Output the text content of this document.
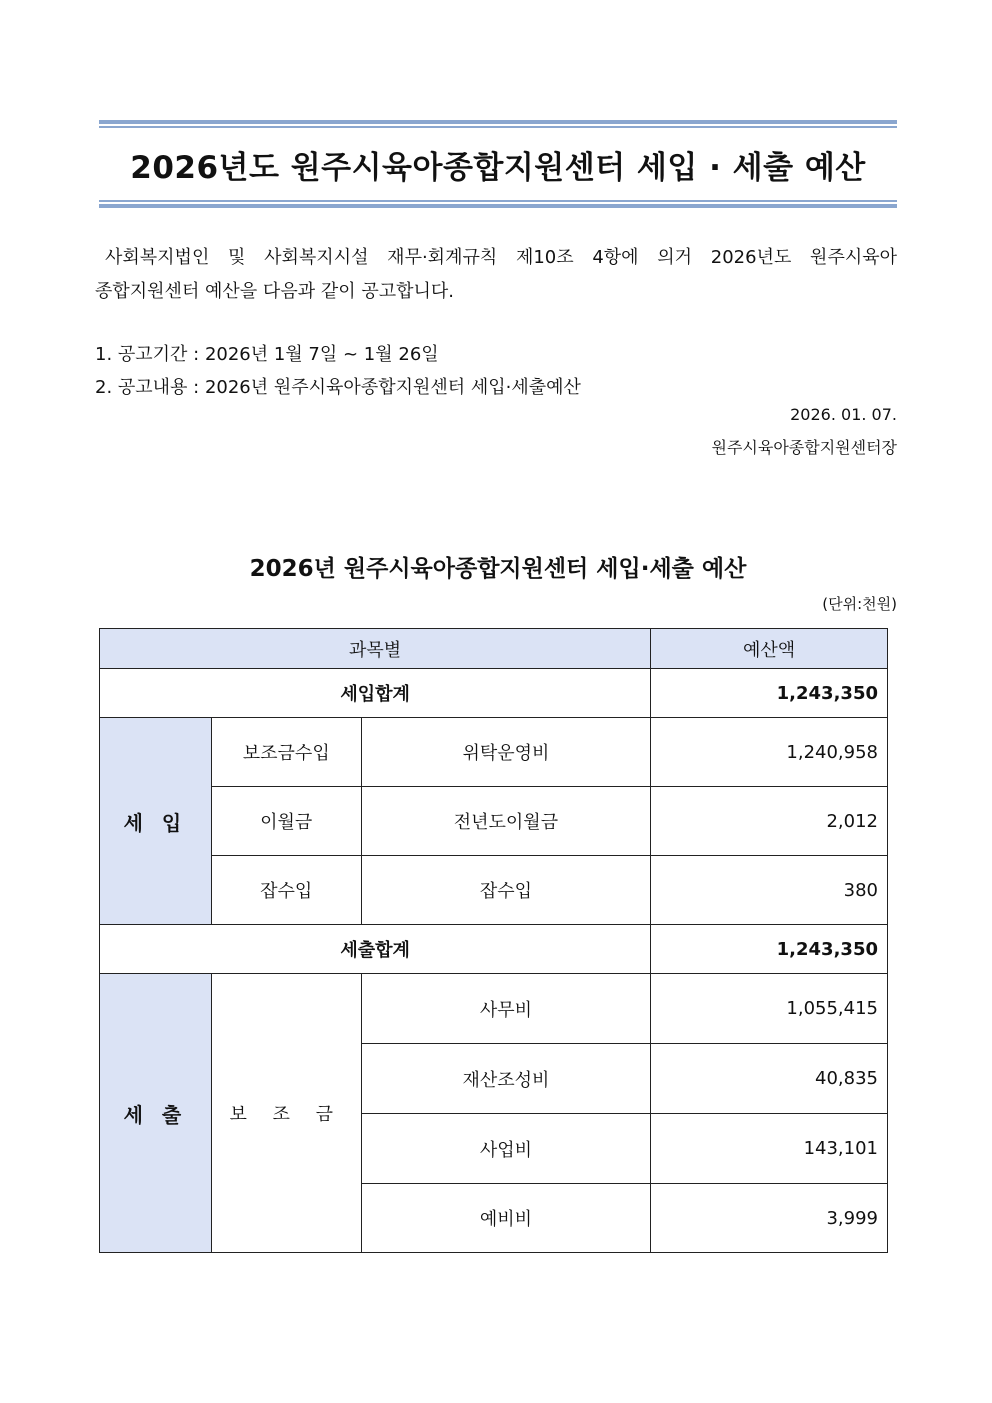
2026년도 원주시육아종합지원센터 세입 · 세출 예산
사회복지법인 및 사회복지시설 재무·회계규칙 제10조 4항에 의거 2026년도 원주시육아
종합지원센터 예산을 다음과 같이 공고합니다.
1. 공고기간 : 2026년 1월 7일 ~ 1월 26일
2. 공고내용 : 2026년 원주시육아종합지원센터 세입·세출예산
2026. 01. 07.
원주시육아종합지원센터장
2026년 원주시육아종합지원센터 세입·세출 예산
(단위:천원)
과목별			예산액
세입합계			1,243,350
세 입	보조금수입	위탁운영비	1,240,958
	이월금	전년도이월금	2,012
	잡수입	잡수입	380
세출합계			1,243,350
세 출	보 조 금	사무비	1,055,415
		재산조성비	40,835
		사업비	143,101
		예비비	3,999
